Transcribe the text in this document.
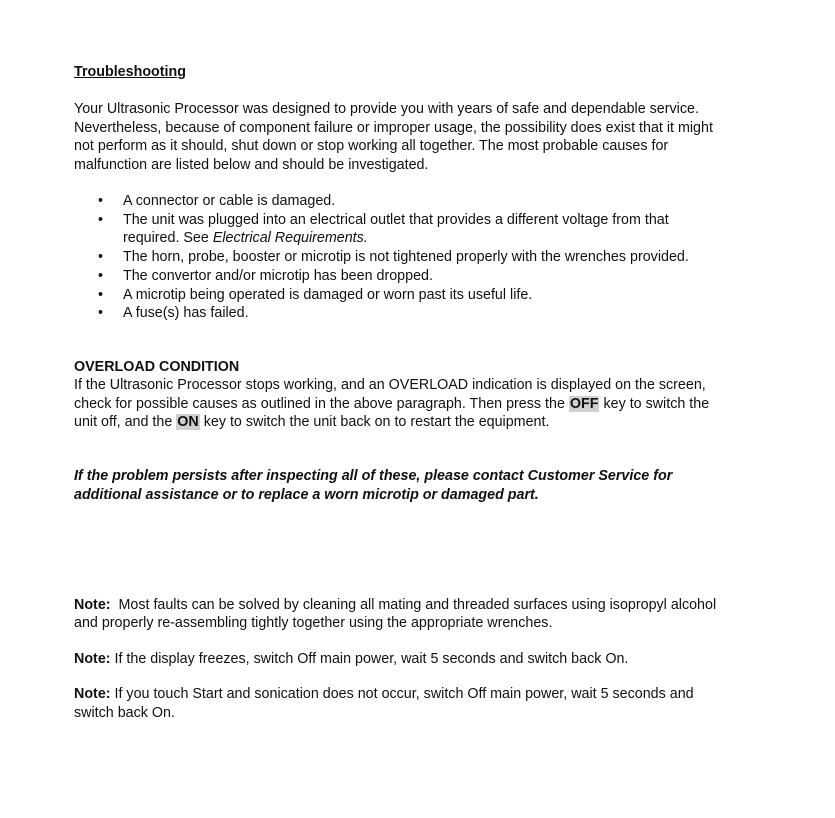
Troubleshooting

Your Ultrasonic Processor was designed to provide you with years of safe and dependable service. Nevertheless, because of component failure or improper usage, the possibility does exist that it might not perform as it should, shut down or stop working all together. The most probable causes for malfunction are listed below and should be investigated.

• A connector or cable is damaged.
• The unit was plugged into an electrical outlet that provides a different voltage from that required. See Electrical Requirements.
• The horn, probe, booster or microtip is not tightened properly with the wrenches provided.
• The convertor and/or microtip has been dropped.
• A microtip being operated is damaged or worn past its useful life.
• A fuse(s) has failed.

OVERLOAD CONDITION

If the Ultrasonic Processor stops working, and an OVERLOAD indication is displayed on the screen, check for possible causes as outlined in the above paragraph. Then press the OFF key to switch the unit off, and the ON key to switch the unit back on to restart the equipment.

If the problem persists after inspecting all of these, please contact Customer Service for additional assistance or to replace a worn microtip or damaged part.

Note: Most faults can be solved by cleaning all mating and threaded surfaces using isopropyl alcohol and properly re-assembling tightly together using the appropriate wrenches.

Note: If the display freezes, switch Off main power, wait 5 seconds and switch back On.

Note: If you touch Start and sonication does not occur, switch Off main power, wait 5 seconds and switch back On.
